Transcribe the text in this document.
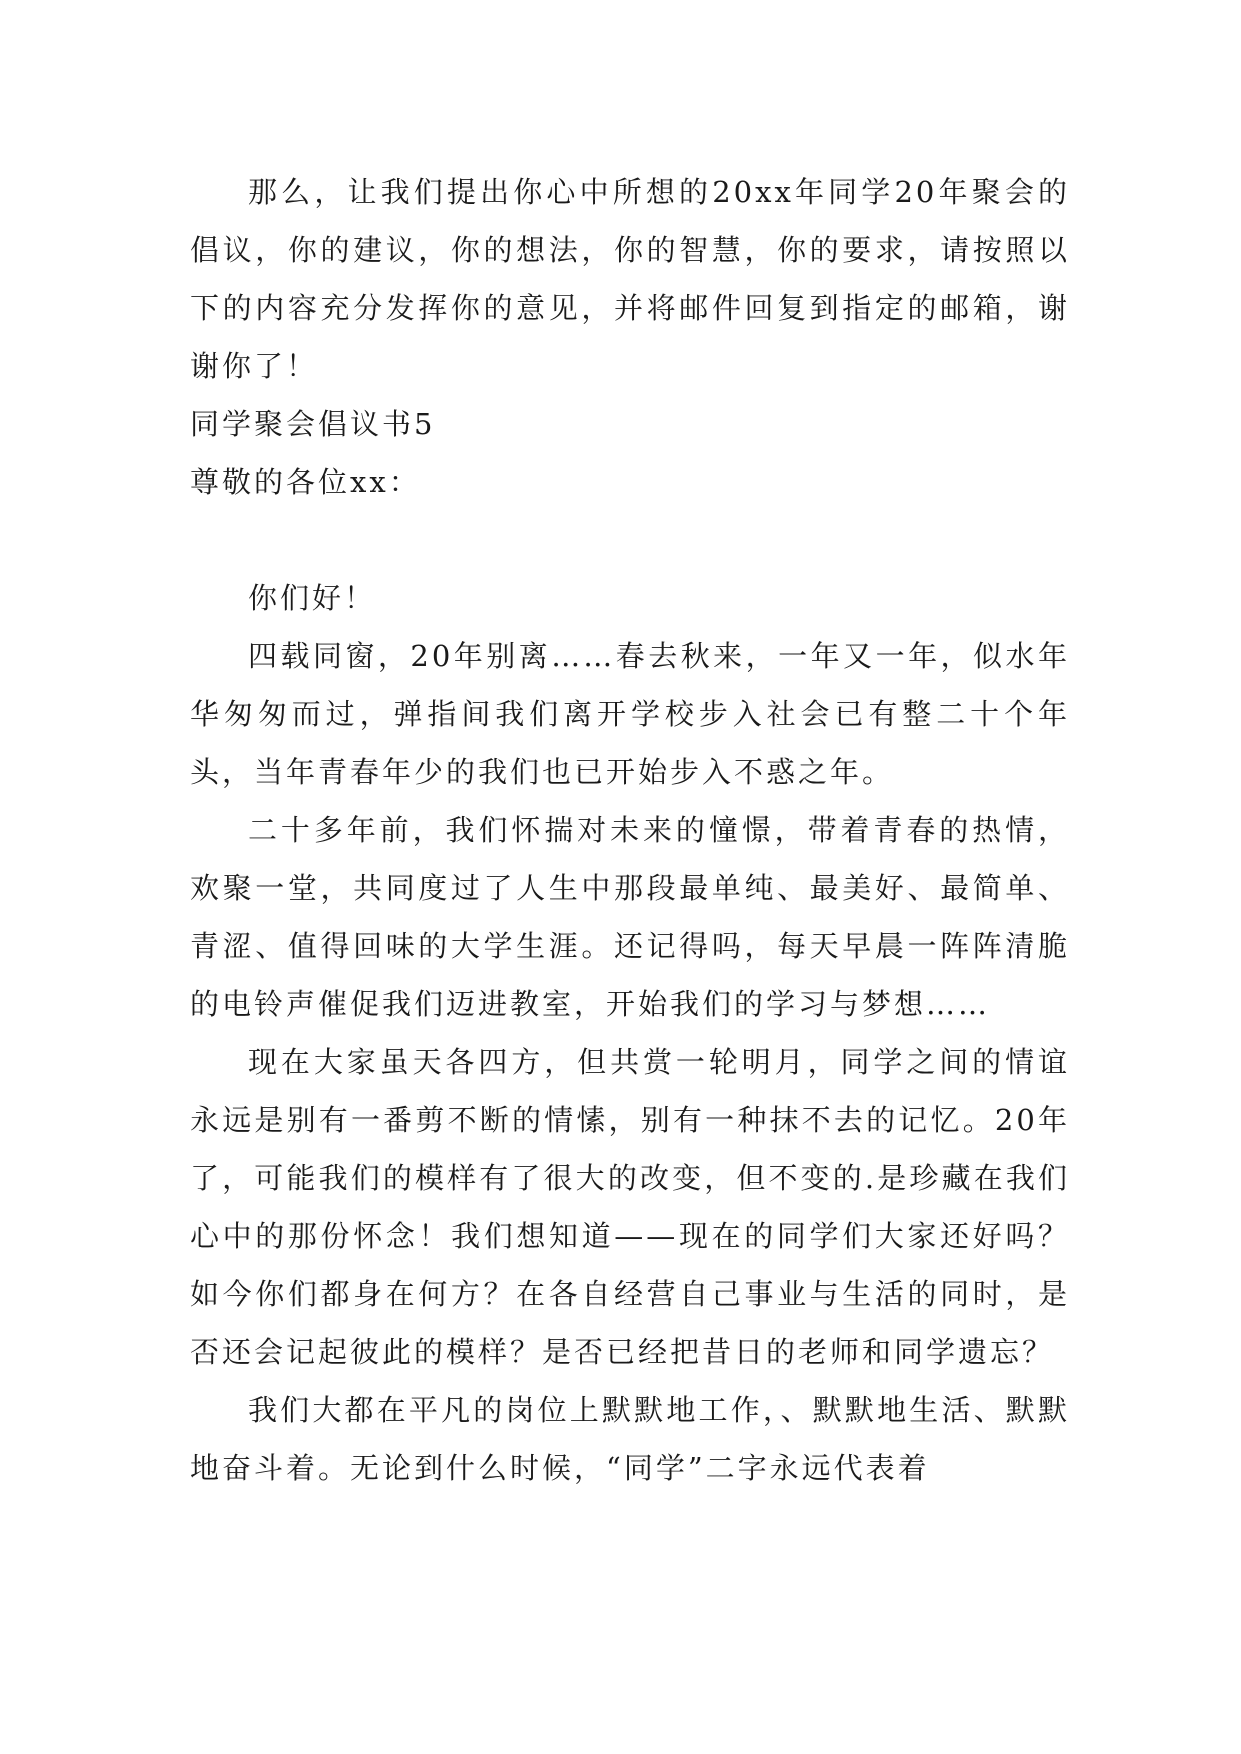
那么，让我们提出你心中所想的20xx年同学20年聚会的倡议，你的建议，你的想法，你的智慧，你的要求，请按照以下的内容充分发挥你的意见，并将邮件回复到指定的邮箱，谢谢你了！

同学聚会倡议书5

尊敬的各位xx：

你们好！

四载同窗，20年别离……春去秋来，一年又一年，似水年华匆匆而过，弹指间我们离开学校步入社会已有整二十个年头，当年青春年少的我们也已开始步入不惑之年。

二十多年前，我们怀揣对未来的憧憬，带着青春的热情，欢聚一堂，共同度过了人生中那段最单纯、最美好、最简单、青涩、值得回味的大学生涯。还记得吗，每天早晨一阵阵清脆的电铃声催促我们迈进教室，开始我们的学习与梦想……

现在大家虽天各四方，但共赏一轮明月，同学之间的情谊永远是别有一番剪不断的情愫，别有一种抹不去的记忆。20年了，可能我们的模样有了很大的改变，但不变的.是珍藏在我们心中的那份怀念！我们想知道——现在的同学们大家还好吗？如今你们都身在何方？在各自经营自己事业与生活的同时，是否还会记起彼此的模样？是否已经把昔日的老师和同学遗忘？

我们大都在平凡的岗位上默默地工作，、默默地生活、默默地奋斗着。无论到什么时候，“同学”二字永远代表着
